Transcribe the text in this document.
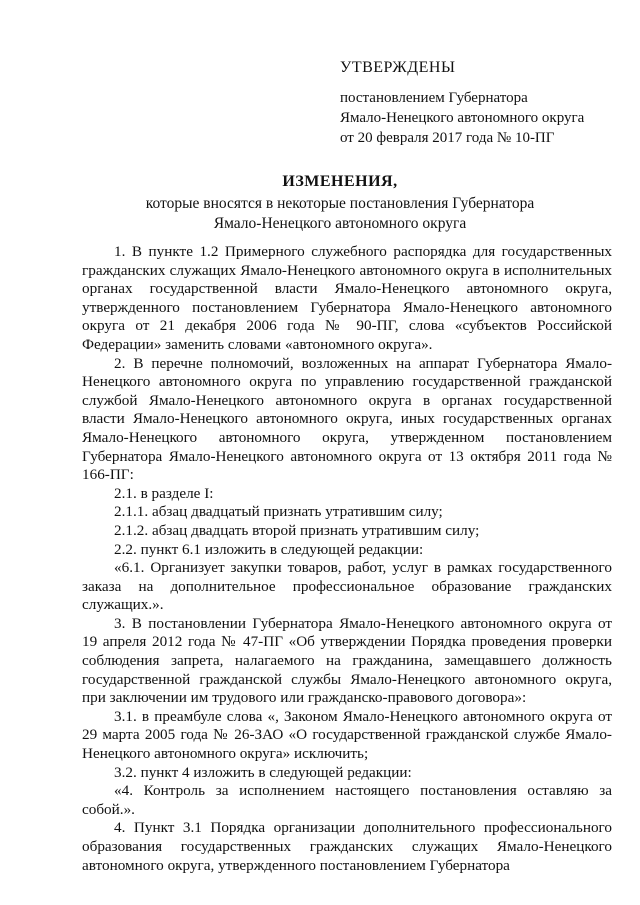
УТВЕРЖДЕНЫ
постановлением Губернатора
Ямало-Ненецкого автономного округа
от 20 февраля 2017 года № 10-ПГ
ИЗМЕНЕНИЯ,
которые вносятся в некоторые постановления Губернатора
Ямало-Ненецкого автономного округа

1. В пункте 1.2 Примерного служебного распорядка для государственных гражданских служащих Ямало-Ненецкого автономного округа в исполнительных органах государственной власти Ямало-Ненецкого автономного округа, утвержденного постановлением Губернатора Ямало-Ненецкого автономного округа от 21 декабря 2006 года № 90-ПГ, слова «субъектов Российской Федерации» заменить словами «автономного округа».

2. В перечне полномочий, возложенных на аппарат Губернатора Ямало-Ненецкого автономного округа по управлению государственной гражданской службой Ямало-Ненецкого автономного округа в органах государственной власти Ямало-Ненецкого автономного округа, иных государственных органах Ямало-Ненецкого автономного округа, утвержденном постановлением Губернатора Ямало-Ненецкого автономного округа от 13 октября 2011 года № 166-ПГ:

2.1. в разделе I:

2.1.1. абзац двадцатый признать утратившим силу;

2.1.2. абзац двадцать второй признать утратившим силу;

2.2. пункт 6.1 изложить в следующей редакции:

«6.1. Организует закупки товаров, работ, услуг в рамках государственного заказа на дополнительное профессиональное образование гражданских служащих.».

3. В постановлении Губернатора Ямало-Ненецкого автономного округа от 19 апреля 2012 года № 47-ПГ «Об утверждении Порядка проведения проверки соблюдения запрета, налагаемого на гражданина, замещавшего должность государственной гражданской службы Ямало-Ненецкого автономного округа, при заключении им трудового или гражданско-правового договора»:

3.1. в преамбуле слова «, Законом Ямало-Ненецкого автономного округа от 29 марта 2005 года № 26-ЗАО «О государственной гражданской службе Ямало-Ненецкого автономного округа» исключить;

3.2. пункт 4 изложить в следующей редакции:

«4. Контроль за исполнением настоящего постановления оставляю за собой.».

4. Пункт 3.1 Порядка организации дополнительного профессионального образования государственных гражданских служащих Ямало-Ненецкого автономного округа, утвержденного постановлением Губернатора
